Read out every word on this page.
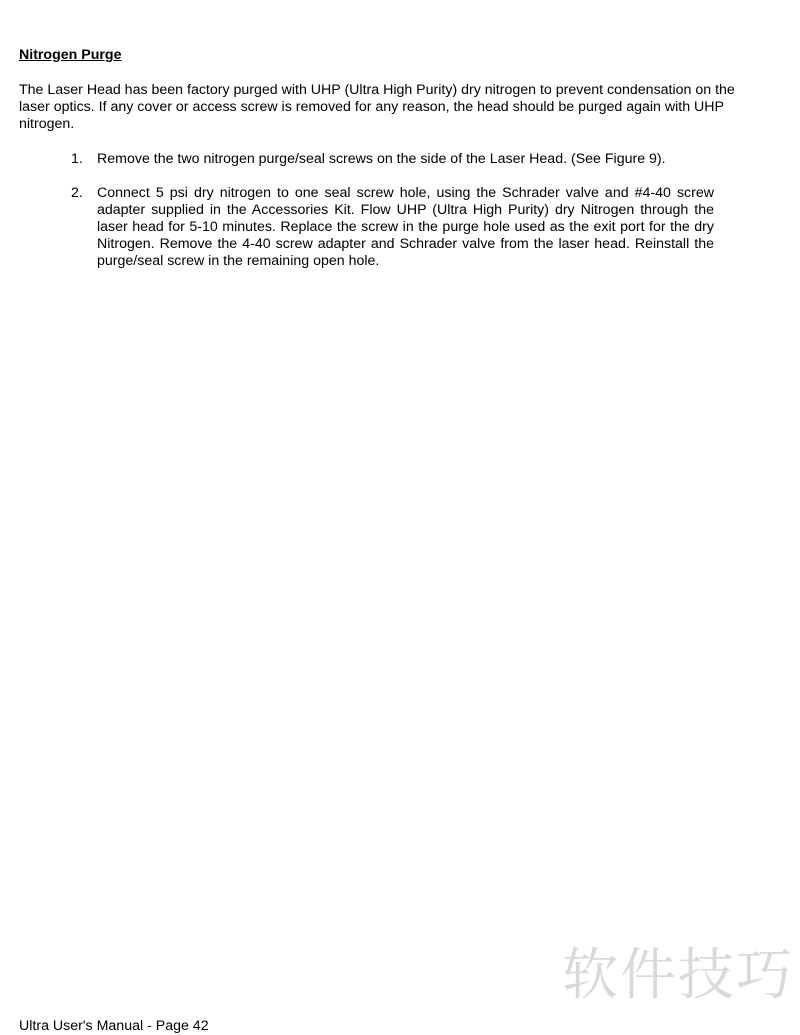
Nitrogen Purge

The Laser Head has been factory purged with UHP (Ultra High Purity) dry nitrogen to prevent condensation on the laser optics. If any cover or access screw is removed for any reason, the head should be purged again with UHP nitrogen.

1. Remove the two nitrogen purge/seal screws on the side of the Laser Head. (See Figure 9).
2. Connect 5 psi dry nitrogen to one seal screw hole, using the Schrader valve and #4-40 screw adapter supplied in the Accessories Kit. Flow UHP (Ultra High Purity) dry Nitrogen through the laser head for 5-10 minutes. Replace the screw in the purge hole used as the exit port for the dry Nitrogen. Remove the 4-40 screw adapter and Schrader valve from the laser head. Reinstall the purge/seal screw in the remaining open hole.
Ultra User's Manual - Page 42
软件技巧
